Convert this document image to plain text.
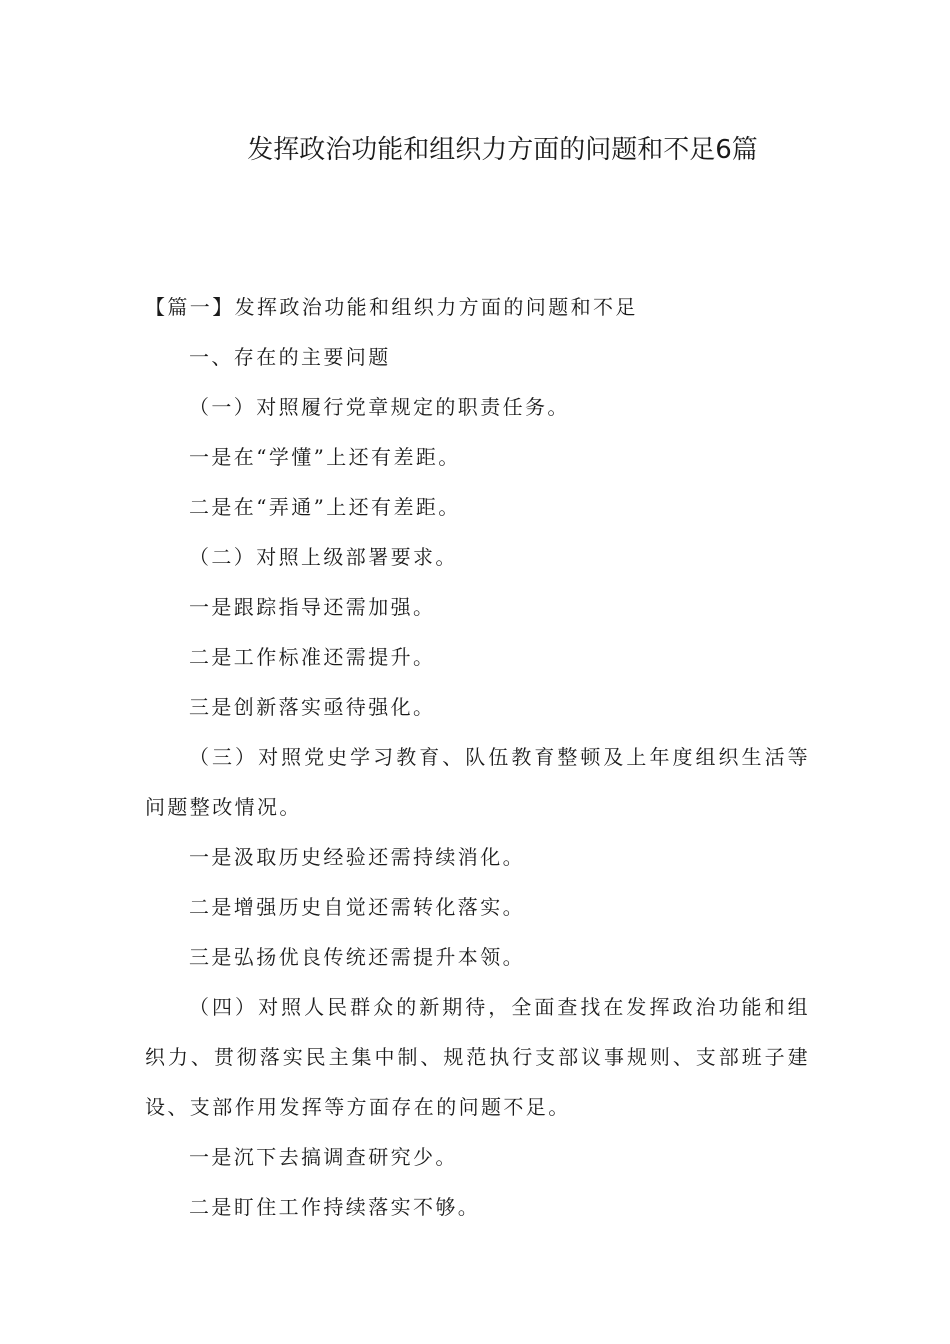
发挥政治功能和组织力方面的问题和不足6篇

【篇一】发挥政治功能和组织力方面的问题和不足

一、存在的主要问题

（一）对照履行党章规定的职责任务。

一是在“学懂”上还有差距。

二是在“弄通”上还有差距。

（二）对照上级部署要求。

一是跟踪指导还需加强。

二是工作标准还需提升。

三是创新落实亟待强化。

（三）对照党史学习教育、队伍教育整顿及上年度组织生活等问题整改情况。

一是汲取历史经验还需持续消化。

二是增强历史自觉还需转化落实。

三是弘扬优良传统还需提升本领。

（四）对照人民群众的新期待，全面查找在发挥政治功能和组织力、贯彻落实民主集中制、规范执行支部议事规则、支部班子建设、支部作用发挥等方面存在的问题不足。

一是沉下去搞调查研究少。

二是盯住工作持续落实不够。
